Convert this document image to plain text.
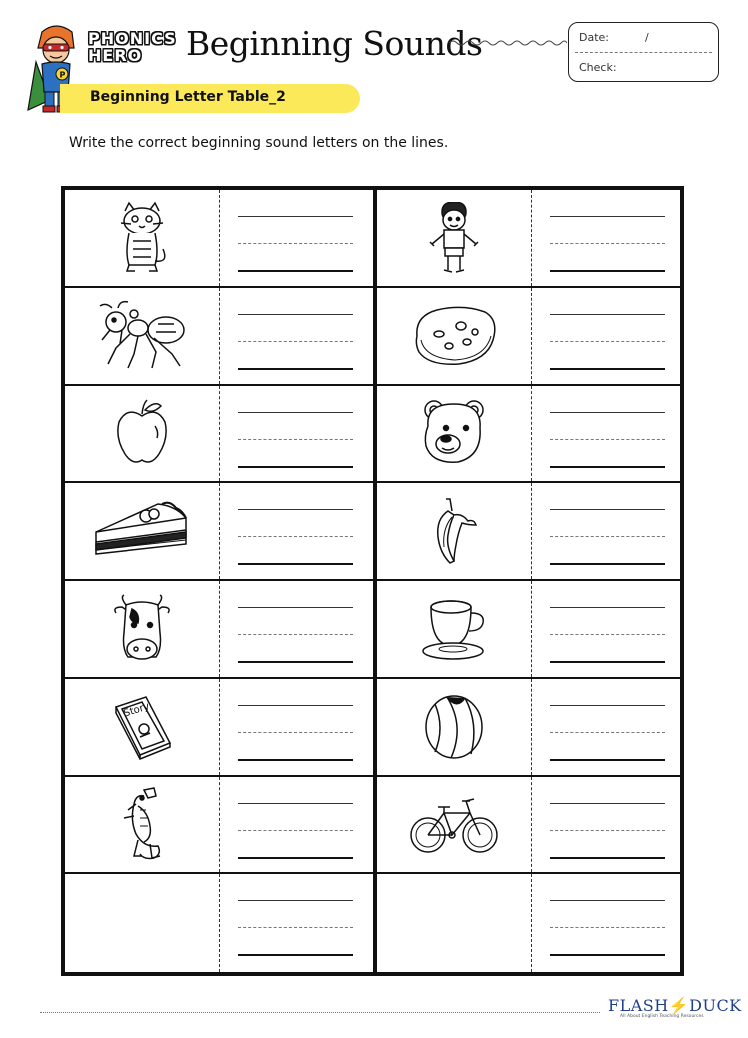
P
PHONICS
HERO	Beginning Sounds	Date:	/
Check:
Beginning Letter Table_2
Write the correct beginning sound letters on the lines.
Story
FLASH⚡DUCK
All About English Teaching Resources
